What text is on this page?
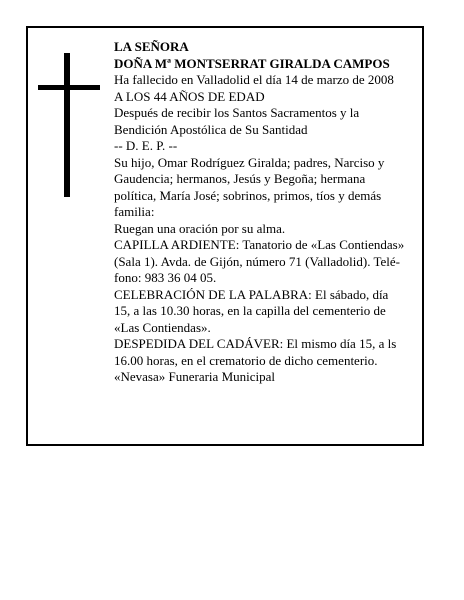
LA SEÑORA

DOÑA Mª MONTSERRAT GIRALDA CAMPOS

Ha fallecido en Valladolid el día 14 de marzo de 2008

A LOS 44 AÑOS DE EDAD

Después de recibir los Santos Sacramentos y la

Bendición Apostólica de Su Santidad

-- D. E. P. --

Su hijo, Omar Rodríguez Giralda; padres, Narciso y

Gaudencia; hermanos, Jesús y Begoña; hermana

política, María José; sobrinos, primos, tíos y demás

familia:

Ruegan una oración por su alma.

CAPILLA ARDIENTE: Tanatorio de «Las Contiendas»

(Sala 1). Avda. de Gijón, número 71 (Valladolid). Telé-

fono: 983 36 04 05.

CELEBRACIÓN DE LA PALABRA: El sábado, día

15, a las 10.30 horas, en la capilla del cementerio de

«Las Contiendas».

DESPEDIDA DEL CADÁVER: El mismo día 15, a ls

16.00 horas, en el crematorio de dicho cementerio.

«Nevasa» Funeraria Municipal
